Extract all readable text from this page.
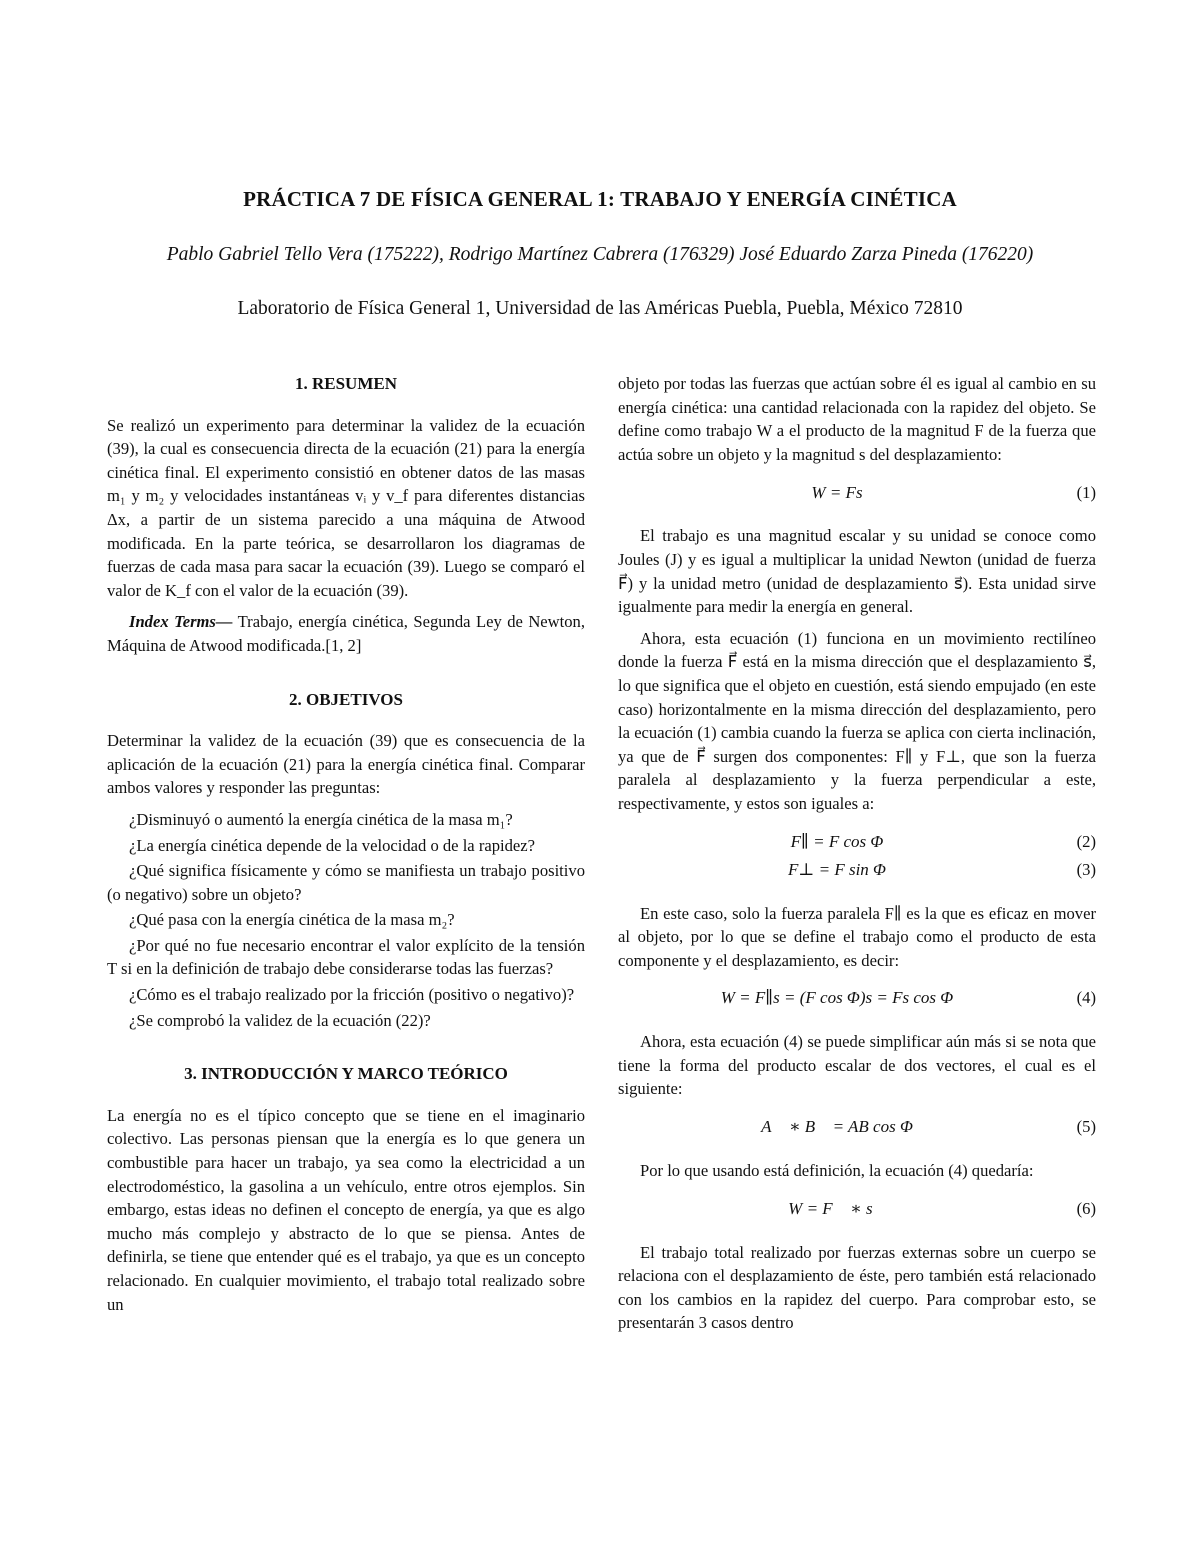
PRÁCTICA 7 DE FÍSICA GENERAL 1: TRABAJO Y ENERGÍA CINÉTICA
Pablo Gabriel Tello Vera (175222), Rodrigo Martínez Cabrera (176329) José Eduardo Zarza Pineda (176220)
Laboratorio de Física General 1, Universidad de las Américas Puebla, Puebla, México 72810
1. RESUMEN

Se realizó un experimento para determinar la validez de la ecuación (39), la cual es consecuencia directa de la ecuación (21) para la energía cinética final. El experimento consistió en obtener datos de las masas m₁ y m₂ y velocidades instantáneas vᵢ y v_f para diferentes distancias Δx, a partir de un sistema parecido a una máquina de Atwood modificada. En la parte teórica, se desarrollaron los diagramas de fuerzas de cada masa para sacar la ecuación (39). Luego se comparó el valor de K_f con el valor de la ecuación (39).

Index Terms— Trabajo, energía cinética, Segunda Ley de Newton, Máquina de Atwood modificada.[1, 2]

2. OBJETIVOS

Determinar la validez de la ecuación (39) que es consecuencia de la aplicación de la ecuación (21) para la energía cinética final. Comparar ambos valores y responder las preguntas:

¿Disminuyó o aumentó la energía cinética de la masa m₁?

¿La energía cinética depende de la velocidad o de la rapidez?

¿Qué significa físicamente y cómo se manifiesta un trabajo positivo (o negativo) sobre un objeto?

¿Qué pasa con la energía cinética de la masa m₂?

¿Por qué no fue necesario encontrar el valor explícito de la tensión T si en la definición de trabajo debe considerarse todas las fuerzas?

¿Cómo es el trabajo realizado por la fricción (positivo o negativo)?

¿Se comprobó la validez de la ecuación (22)?

3. INTRODUCCIÓN Y MARCO TEÓRICO

La energía no es el típico concepto que se tiene en el imaginario colectivo. Las personas piensan que la energía es lo que genera un combustible para hacer un trabajo, ya sea como la electricidad a un electrodoméstico, la gasolina a un vehículo, entre otros ejemplos. Sin embargo, estas ideas no definen el concepto de energía, ya que es algo mucho más complejo y abstracto de lo que se piensa. Antes de definirla, se tiene que entender qué es el trabajo, ya que es un concepto relacionado. En cualquier movimiento, el trabajo total realizado sobre un

objeto por todas las fuerzas que actúan sobre él es igual al cambio en su energía cinética: una cantidad relacionada con la rapidez del objeto. Se define como trabajo W a el producto de la magnitud F de la fuerza que actúa sobre un objeto y la magnitud s del desplazamiento:

W = Fs	(1)

El trabajo es una magnitud escalar y su unidad se conoce como Joules (J) y es igual a multiplicar la unidad Newton (unidad de fuerza F⃗) y la unidad metro (unidad de desplazamiento s⃗). Esta unidad sirve igualmente para medir la energía en general.

Ahora, esta ecuación (1) funciona en un movimiento rectilíneo donde la fuerza F⃗ está en la misma dirección que el desplazamiento s⃗, lo que significa que el objeto en cuestión, está siendo empujado (en este caso) horizontalmente en la misma dirección del desplazamiento, pero la ecuación (1) cambia cuando la fuerza se aplica con cierta inclinación, ya que de F⃗ surgen dos componentes: F∥ y F⊥, que son la fuerza paralela al desplazamiento y la fuerza perpendicular a este, respectivamente, y estos son iguales a:

F∥ = F cos Φ	(2)
F⊥ = F sin Φ	(3)

En este caso, solo la fuerza paralela F∥ es la que es eficaz en mover al objeto, por lo que se define el trabajo como el producto de esta componente y el desplazamiento, es decir:

W = F∥s = (F cos Φ)s = Fs cos Φ	(4)

Ahora, esta ecuación (4) se puede simplificar aún más si se nota que tiene la forma del producto escalar de dos vectores, el cual es el siguiente:

A⃗ ∗ B⃗ = AB cos Φ	(5)

Por lo que usando está definición, la ecuación (4) quedaría:

W = F⃗ ∗ s⃗	(6)

El trabajo total realizado por fuerzas externas sobre un cuerpo se relaciona con el desplazamiento de éste, pero también está relacionado con los cambios en la rapidez del cuerpo. Para comprobar esto, se presentarán 3 casos dentro
